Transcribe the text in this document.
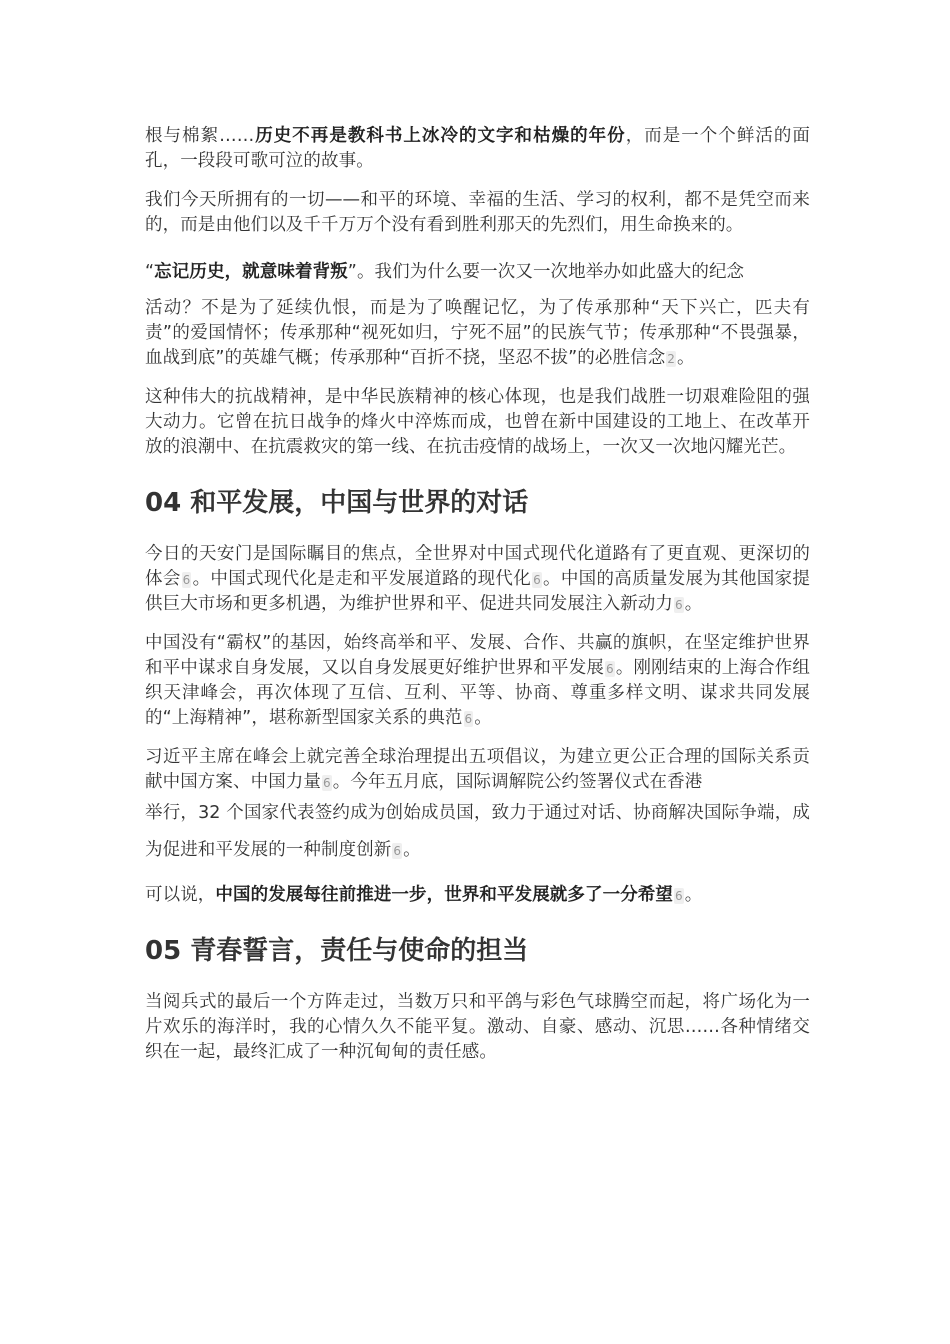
根与棉絮……历史不再是教科书上冰冷的文字和枯燥的年份，而是一个个鲜活的面孔，一段段可歌可泣的故事。

我们今天所拥有的一切——和平的环境、幸福的生活、学习的权利，都不是凭空而来的，而是由他们以及千千万万个没有看到胜利那天的先烈们，用生命换来的。

“忘记历史，就意味着背叛”。我们为什么要一次又一次地举办如此盛大的纪念

活动？不是为了延续仇恨，而是为了唤醒记忆，为了传承那种“天下兴亡，匹夫有责”的爱国情怀；传承那种“视死如归，宁死不屈”的民族气节；传承那种“不畏强暴，血战到底”的英雄气概；传承那种“百折不挠，坚忍不拔”的必胜信念 2 。

这种伟大的抗战精神，是中华民族精神的核心体现，也是我们战胜一切艰难险阻的强大动力。它曾在抗日战争的烽火中淬炼而成，也曾在新中国建设的工地上、在改革开放的浪潮中、在抗震救灾的第一线、在抗击疫情的战场上，一次又一次地闪耀光芒。

04 和平发展，中国与世界的对话

今日的天安门是国际瞩目的焦点，全世界对中国式现代化道路有了更直观、更深切的体会 6 。中国式现代化是走和平发展道路的现代化 6 。中国的高质量发展为其他国家提供巨大市场和更多机遇，为维护世界和平、促进共同发展注入新动力 6 。

中国没有“霸权”的基因，始终高举和平、发展、合作、共赢的旗帜，在坚定维护世界和平中谋求自身发展，又以自身发展更好维护世界和平发展 6 。刚刚结束的上海合作组织天津峰会，再次体现了互信、互利、平等、协商、尊重多样文明、谋求共同发展的“上海精神”，堪称新型国家关系的典范 6 。

习近平主席在峰会上就完善全球治理提出五项倡议，为建立更公正合理的国际关系贡献中国方案、中国力量 6 。今年五月底，国际调解院公约签署仪式在香港

举行，32 个国家代表签约成为创始成员国，致力于通过对话、协商解决国际争端，成为促进和平发展的一种制度创新 6 。

可以说，中国的发展每往前推进一步，世界和平发展就多了一分希望 6 。

05 青春誓言，责任与使命的担当

当阅兵式的最后一个方阵走过，当数万只和平鸽与彩色气球腾空而起，将广场化为一片欢乐的海洋时，我的心情久久不能平复。激动、自豪、感动、沉思……各种情绪交织在一起，最终汇成了一种沉甸甸的责任感。
